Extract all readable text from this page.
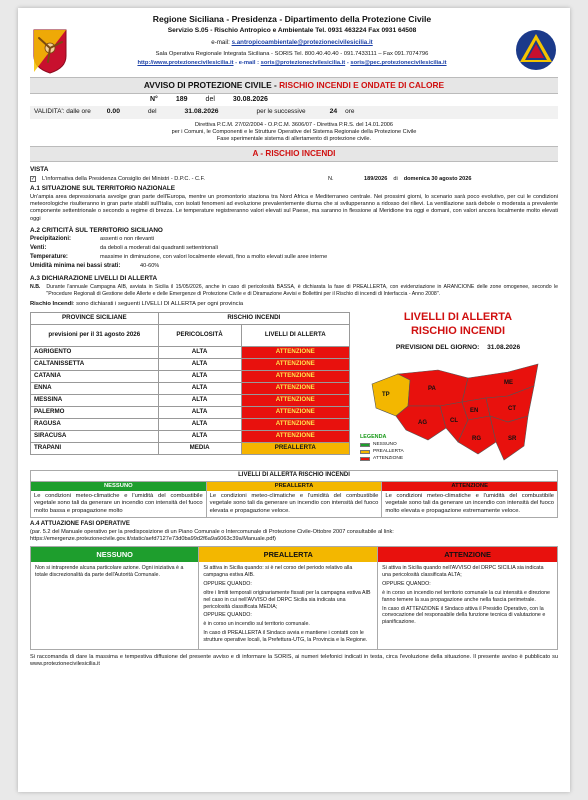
Regione Siciliana - Presidenza - Dipartimento della Protezione Civile
Servizio S.05 - Rischio Antropico e Ambientale Tel. 0931 463224 Fax 0931 64508
e-mail: s.antropicoambientale@protezionecivilesicilia.it
Sala Operativa Regionale Integrata Siciliana - SORIS Tel. 800.40.40.40 - 091.7433111 – Fax 091.7074796
http://www.protezionecivilesicilia.it - e-mail : soris@protezionecivilesicilia.it - soris@pec.protezionecivilesicilia.it
AVVISO DI PROTEZIONE CIVILE - RISCHIO INCENDI E ONDATE DI CALORE
N°	189	del	30.08.2026
VALIDITA': dalle ore 0.00	del	31.08.2026	per le successive	24 ore
Direttiva P.C.M. 27/02/2004 - O.P.C.M. 3606/07 - Direttiva P.R.S. del 14.01.2006
per i Comuni, le Componenti e le Strutture Operative del Sistema Regionale della Protezione Civile
Fase sperimentale sistema di allertamento di protezione civile.
A - RISCHIO INCENDI
VISTA
✓ L'informativa della Presidenza Consiglio dei Ministri - D.P.C. - C.F.	N.	189/2026 di domenica 30 agosto 2026
A.1 SITUAZIONE SUL TERRITORIO NAZIONALE
Un'ampia area depressionaria avvolge gran parte dell'Europa, mentre un promontorio staziona tra Nord Africa e Mediterraneo centrale. Nei prossimi giorni, lo scenario sarà poco evolutivo, per cui le condizioni meteorologiche risulteranno in gran parte stabili sull'Italia, con isolati fenomeni ad evoluzione prevalentemente diurna che si svilupperanno a ridosso dei rilievi. La ventilazione sarà debole o moderata a prevalente componente settentrionale o secondo a regime di brezza. Le temperature registreranno valori elevati sul Paese, ma saranno in flessione al Meridione tra oggi e domani, con valori ancora localmente molto elevati oggi
A.2 CRITICITÀ SUL TERRITORIO SICILIANO
Precipitazioni:	assenti o non rilevanti
Venti:	da deboli a moderati dai quadranti settentrionali
Temperature:	massime in diminuzione, con valori localmente elevati, fino a molto elevati sulle aree interne
Umidità minima nei bassi strati:	40-60%
A.3 DICHIARAZIONE LIVELLI DI ALLERTA
N.B. Durante l'annuale Campagna AIB, avviata in Sicilia il 15/05/2026, anche in caso di pericolosità BASSA, è dichiarata la fase di PREALLERTA, con evidenziazione in ARANCIONE delle zone omogenee, secondo le "Procedure Regionali di Gestione delle Allerte e delle Emergenze di Protezione Civile e di Diramazione Avvisi e Bollettini per il Rischio di incendi di Interfaccia - Anno 2008".
Rischio Incendi: sono dichiarati i seguenti LIVELLI DI ALLERTA per ogni provincia
PROVINCE SICILIANE	RISCHIO INCENDI	
previsioni per il 31 agosto 2026	PERICOLOSITÀ	LIVELLI DI ALLERTA
AGRIGENTO	ALTA	ATTENZIONE
CALTANISSETTA	ALTA	ATTENZIONE
CATANIA	ALTA	ATTENZIONE
ENNA	ALTA	ATTENZIONE
MESSINA	ALTA	ATTENZIONE
PALERMO	ALTA	ATTENZIONE
RAGUSA	ALTA	ATTENZIONE
SIRACUSA	ALTA	ATTENZIONE
TRAPANI	MEDIA	PREALLERTA
LIVELLI DI ALLERTA
RISCHIO INCENDI
PREVISIONI DEL GIORNO: 31.08.2026
TP
PA
ME
AG	CL
EN	CT
RG	SR
LEGENDA
NESSUNO
PREALLERTA
ATTENZIONE
LIVELLI DI ALLERTA RISCHIO INCENDI
NESSUNO
Le condizioni meteo-climatiche e l'umidità del combustibile vegetale sono tali da generare un incendio con intensità del fuoco molto bassa e propagazione molto
PREALLERTA
Le condizioni meteo-climatiche e l'umidità del combustibile vegetale sono tali da generare un incendio con intensità del fuoco elevata e propagazione veloce.
ATTENZIONE
Le condizioni meteo-climatiche e l'umidità del combustibile vegetale sono tali da generare un incendio con intensità del fuoco molto elevata e propagazione estremamente veloce.
A.4 ATTUAZIONE FASI OPERATIVE
(par. 5.2 del Manuale operativo per la predisposizione di un Piano Comunale o Intercomunale di Protezione Civile-Ottobre 2007 consultabile al link:
https://emergenze.protezionecivile.gov.it/static/aefd7127e73d0ba99d2f6a9a6063c39a/Manuale.pdf)
NESSUNO

Non si intraprende alcuna particolare azione. Ogni iniziativa è a totale discrezionalità da parte dell'Autorità Comunale.

PREALLERTA

Si attiva in Sicilia quando: si è nel corso del periodo relativo alla campagna estiva AIB.

OPPURE QUANDO:

oltre i limiti temporali originariamente fissati per la campagna estiva AIB nel caso in cui nell'AVVISO del DRPC Sicilia sia indicata una pericolosità classificata MEDIA;

OPPURE QUANDO:

è in corso un incendio sul territorio comunale.

In caso di PREALLERTA il Sindaco avvia e mantiene i contatti con le strutture operative locali, la Prefettura-UTG, la Provincia e la Regione.

ATTENZIONE

Si attiva in Sicilia quando nell'AVVISO del DRPC SICILIA sia indicata una pericolosità classificata ALTA;

OPPURE QUANDO:

è in corso un incendio nel territorio comunale la cui intensità e direzione fanno temere la sua propagazione anche nella fascia perimetrale.

In caso di ATTENZIONE il Sindaco attiva il Presidio Operativo, con la convocazione del responsabile della funzione tecnica di valutazione e pianificazione.

Si raccomanda di dare la massima e tempestiva diffusione del presente avviso e di informare la SORIS, ai numeri telefonici indicati in testa, circa l'evoluzione della situazione. Il presente avviso è pubblicato su www.protezionecivilesicilia.it
